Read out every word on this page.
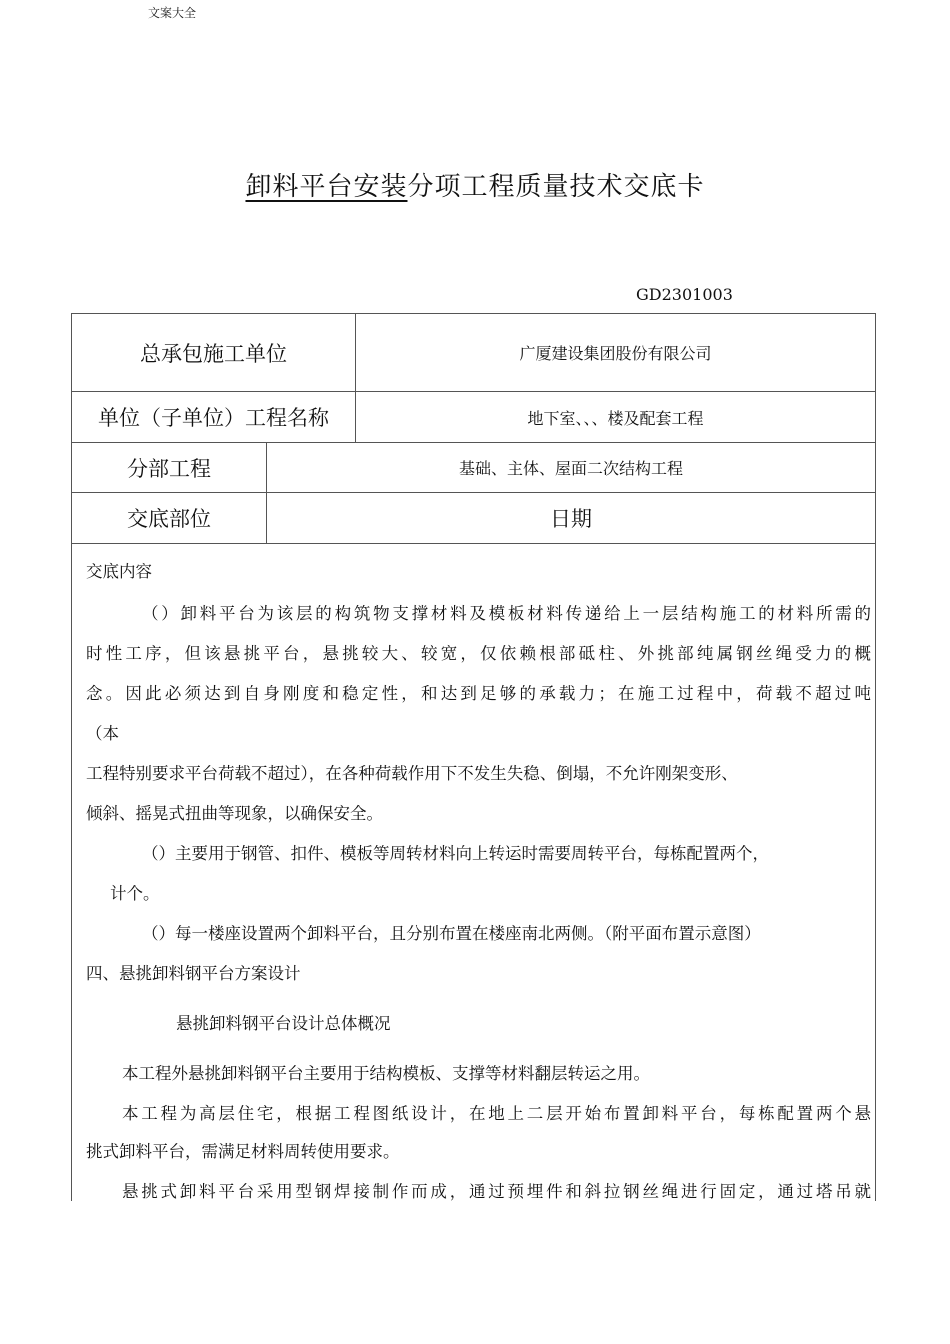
文案大全
卸料平台安装分项工程质量技术交底卡
GD2301003
总承包施工单位	广厦建设集团股份有限公司
单位（子单位）工程名称	地下室、、、楼及配套工程
分部工程	基础、主体、屋面二次结构工程
交底部位	日期
交底内容
（）卸料平台为该层的构筑物支撑材料及模板材料传递给上一层结构施工的材料所需的
时性工序，但该悬挑平台，悬挑较大、较宽，仅依赖根部砥柱、外挑部纯属钢丝绳受力的概
念。因此必须达到自身刚度和稳定性，和达到足够的承载力；在施工过程中，荷载不超过吨
（本
工程特别要求平台荷载不超过），在各种荷载作用下不发生失稳、倒塌，不允许刚架变形、
倾斜、摇晃式扭曲等现象，以确保安全。
（）主要用于钢管、扣件、模板等周转材料向上转运时需要周转平台，每栋配置两个，
计个。
（）每一楼座设置两个卸料平台，且分别布置在楼座南北两侧。（附平面布置示意图）
四、悬挑卸料钢平台方案设计
悬挑卸料钢平台设计总体概况
本工程外悬挑卸料钢平台主要用于结构模板、支撑等材料翻层转运之用。
本工程为高层住宅，根据工程图纸设计，在地上二层开始布置卸料平台，每栋配置两个悬
挑式卸料平台，需满足材料周转使用要求。
悬挑式卸料平台采用型钢焊接制作而成，通过预埋件和斜拉钢丝绳进行固定，通过塔吊就
